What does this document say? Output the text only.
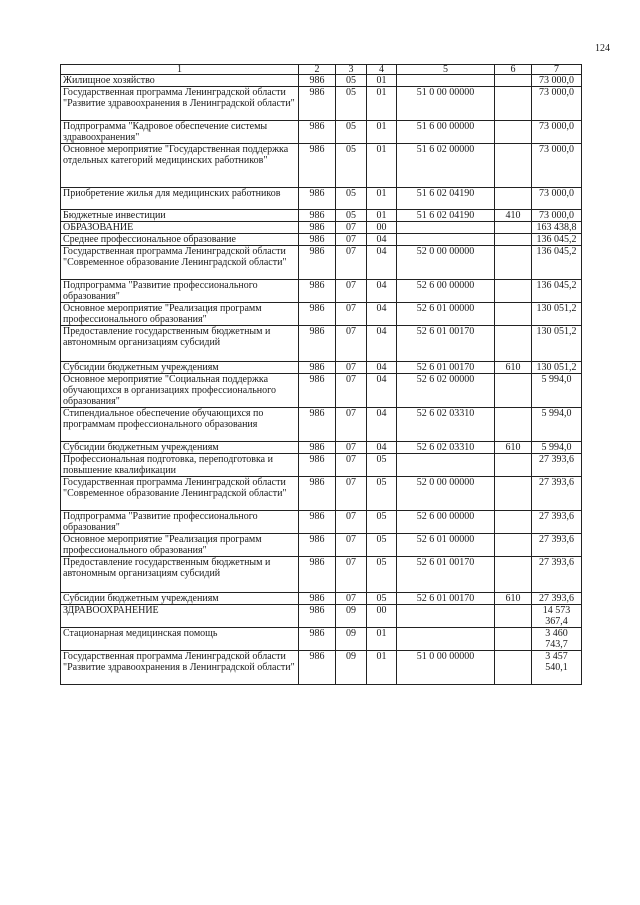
124
1	2	3	4	5	6	7
Жилищное хозяйство	986	05	01			73 000,0
Государственная программа Ленинградской области "Развитие здравоохранения в Ленинградской области"	986	05	01	51 0 00 00000		73 000,0
Подпрограмма "Кадровое обеспечение системы здравоохранения"	986	05	01	51 6 00 00000		73 000,0
Основное мероприятие "Государственная поддержка отдельных категорий медицинских работников"	986	05	01	51 6 02 00000		73 000,0
Приобретение жилья для медицинских работников	986	05	01	51 6 02 04190		73 000,0
Бюджетные инвестиции	986	05	01	51 6 02 04190	410	73 000,0
ОБРАЗОВАНИЕ	986	07	00			163 438,8
Среднее профессиональное образование	986	07	04			136 045,2
Государственная программа Ленинградской области "Современное образование Ленинградской области"	986	07	04	52 0 00 00000		136 045,2
Подпрограмма "Развитие профессионального образования"	986	07	04	52 6 00 00000		136 045,2
Основное мероприятие "Реализация программ профессионального образования"	986	07	04	52 6 01 00000		130 051,2
Предоставление государственным бюджетным и автономным организациям субсидий	986	07	04	52 6 01 00170		130 051,2
Субсидии бюджетным учреждениям	986	07	04	52 6 01 00170	610	130 051,2
Основное мероприятие "Социальная поддержка обучающихся в организациях профессионального образования"	986	07	04	52 6 02 00000		5 994,0
Стипендиальное обеспечение обучающихся по программам профессионального образования	986	07	04	52 6 02 03310		5 994,0
Субсидии бюджетным учреждениям	986	07	04	52 6 02 03310	610	5 994,0
Профессиональная подготовка, переподготовка и повышение квалификации	986	07	05			27 393,6
Государственная программа Ленинградской области "Современное образование Ленинградской области"	986	07	05	52 0 00 00000		27 393,6
Подпрограмма "Развитие профессионального образования"	986	07	05	52 6 00 00000		27 393,6
Основное мероприятие "Реализация программ профессионального образования"	986	07	05	52 6 01 00000		27 393,6
Предоставление государственным бюджетным и автономным организациям субсидий	986	07	05	52 6 01 00170		27 393,6
Субсидии бюджетным учреждениям	986	07	05	52 6 01 00170	610	27 393,6
ЗДРАВООХРАНЕНИЕ	986	09	00			14 573 367,4
Стационарная медицинская помощь	986	09	01			3 460 743,7
Государственная программа Ленинградской области "Развитие здравоохранения в Ленинградской области"	986	09	01	51 0 00 00000		3 457 540,1
